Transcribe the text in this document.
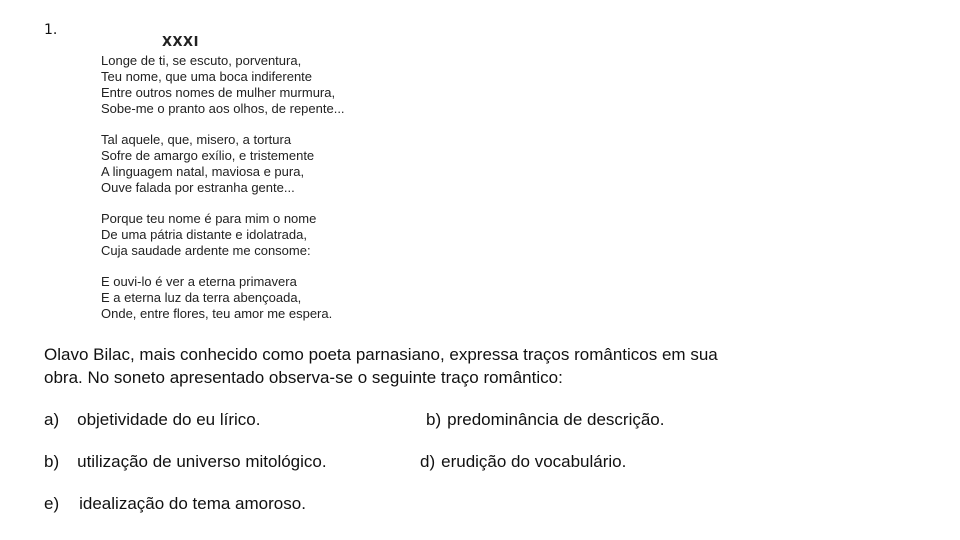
1.
XXXI
Longe de ti, se escuto, porventura,
Teu nome, que uma boca indiferente
Entre outros nomes de mulher murmura,
Sobe-me o pranto aos olhos, de repente...
Tal aquele, que, misero, a tortura
Sofre de amargo exílio, e tristemente
A linguagem natal, maviosa e pura,
Ouve falada por estranha gente...
Porque teu nome é para mim o nome
De uma pátria distante e idolatrada,
Cuja saudade ardente me consome:
E ouvi-lo é ver a eterna primavera
E a eterna luz da terra abençoada,
Onde, entre flores, teu amor me espera.
Olavo Bilac, mais conhecido como poeta parnasiano, expressa traços românticos em sua
obra. No soneto apresentado observa-se o seguinte traço romântico:
a) objetividade do eu lírico.	b) predominância de descrição.
b) utilização de universo mitológico.	d) erudição do vocabulário.
e) idealização do tema amoroso.
